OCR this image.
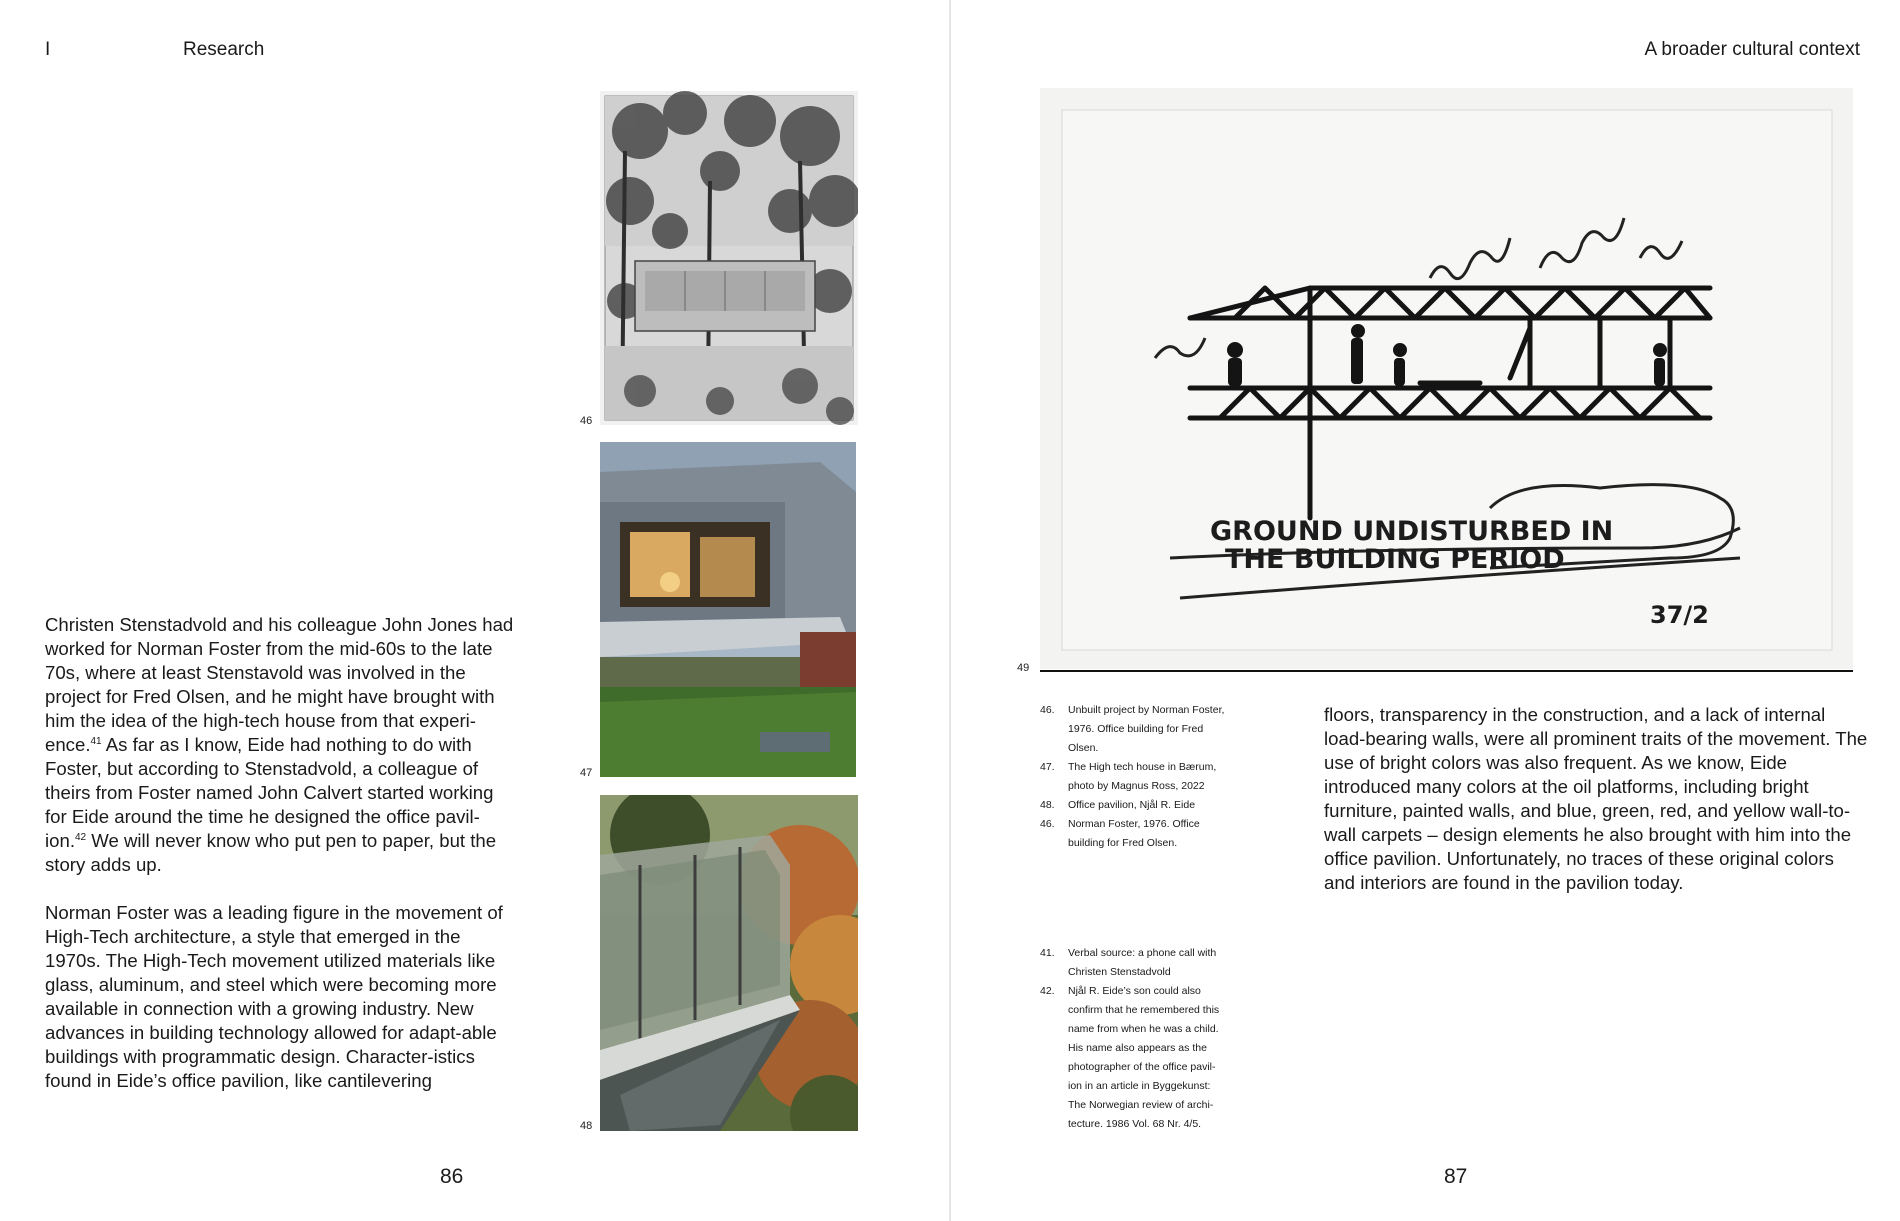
I	Research

Christen Stenstadvold and his colleague John Jones had worked for Norman Foster from the mid-60s to the late 70s, where at least Stenstavold was involved in the project for Fred Olsen, and he might have brought with him the idea of the high-tech house from that experi-ence.$^{41}$ As far as I know, Eide had nothing to do with Foster, but according to Stenstadvold, a colleague of theirs from Foster named John Calvert started working for Eide around the time he designed the office pavil-ion.$^{42}$ We will never know who put pen to paper, but the story adds up.

Norman Foster was a leading figure in the movement of High-Tech architecture, a style that emerged in the 1970s. The High-Tech movement utilized materials like glass, aluminum, and steel which were becoming more available in connection with a growing industry. New advances in building technology allowed for adapt-able buildings with programmatic design. Character-istics found in Eide’s office pavilion, like cantilevering

46
47
48
86
A broader cultural context
GROUND UNDISTURBED IN
THE BUILDING PERIOD
37/2
49
46.	Unbuilt project by Norman Foster, 1976. Office building for Fred Olsen.
47.	The High tech house in Bærum, photo by Magnus Ross, 2022
48.	Office pavilion, Njål R. Eide
46.	Norman Foster, 1976. Office building for Fred Olsen.
41.	Verbal source: a phone call with Christen Stenstadvold
42.	Njål R. Eide’s son could also confirm that he remembered this name from when he was a child. His name also appears as the photographer of the office pavil-ion in an article in Byggekunst: The Norwegian review of archi-tecture. 1986 Vol. 68 Nr. 4/5.
floors, transparency in the construction, and a lack of internal load-bearing walls, were all prominent traits of the movement. The use of bright colors was also frequent. As we know, Eide introduced many colors at the oil platforms, including bright furniture, painted walls, and blue, green, red, and yellow wall-to-wall carpets – design elements he also brought with him into the office pavilion. Unfortunately, no traces of these original colors and interiors are found in the pavilion today.
87
